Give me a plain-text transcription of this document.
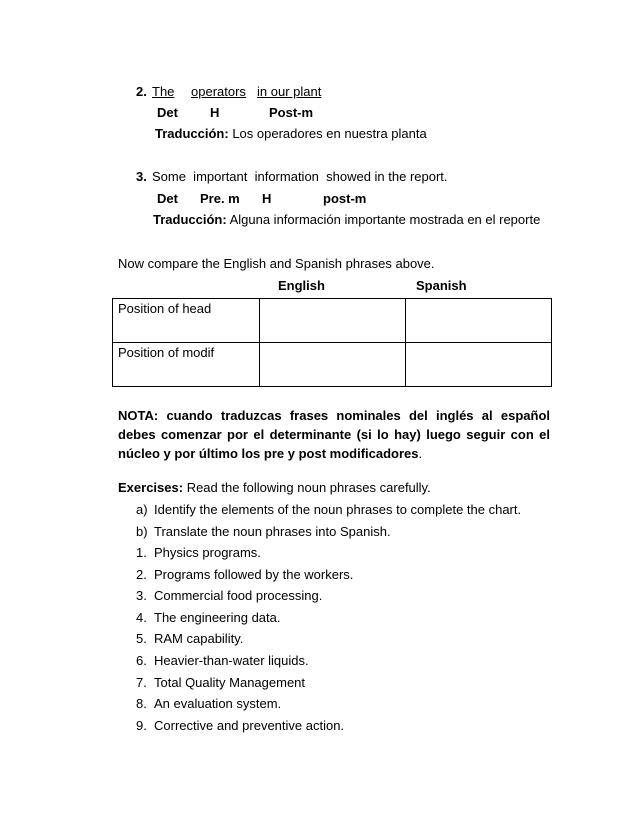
2. The operators in our plant
Det H	Post-m
Traducción: Los operadores en nuestra planta
3. Some  important  information  showed in the report.
Det Pre. m H	post-m
Traducción: Alguna información importante mostrada en el reporte
Now compare the English and Spanish phrases above.
English	Spanish
Position of head		
Position of modif		
NOTA: cuando traduzcas frases nominales del inglés al español debes comenzar por el determinante (si lo hay) luego seguir con el núcleo y por último los pre y post modificadores.
Exercises: Read the following noun phrases carefully.
a) Identify the elements of the noun phrases to complete the chart.
b) Translate the noun phrases into Spanish.
1. Physics programs.
2. Programs followed by the workers.
3. Commercial food processing.
4. The engineering data.
5. RAM capability.
6. Heavier-than-water liquids.
7. Total Quality Management
8. An evaluation system.
9. Corrective and preventive action.
